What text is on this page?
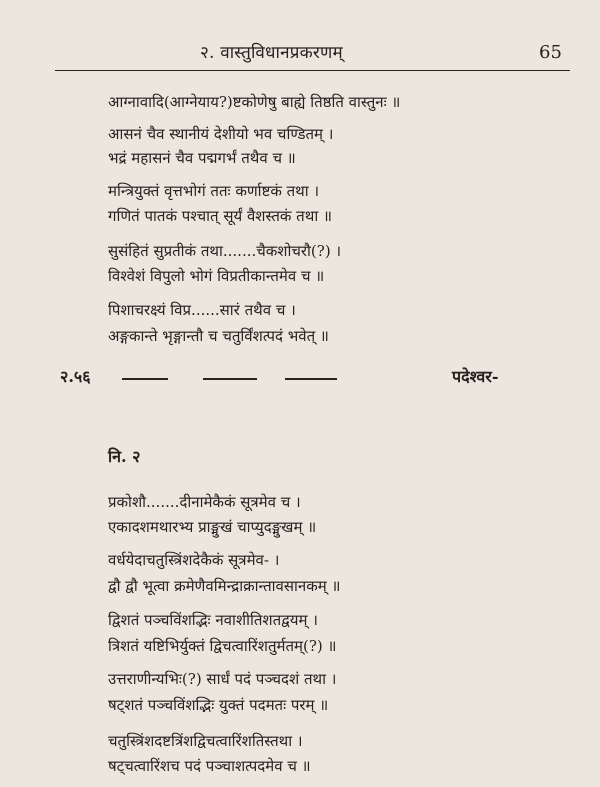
२. वास्तुविधानप्रकरणम्	65
आग्नावादि(आग्नेयाय?)ष्टकोणेषु बाह्ये तिष्ठति वास्तुनः ॥
आसनं चैव स्थानीयं देशीयो भव चण्डितम् ।
भद्रं महासनं चैव पद्मगर्भं तथैव च ॥
मन्त्रियुक्तं वृत्तभोगं ततः कर्णाष्टकं तथा ।
गणितं पातकं पश्चात् सूर्यं वैशस्तकं तथा ॥
सुसंहितं सुप्रतीकं तथा.......चैकशोचरौ(?) ।
विश्वेशं विपुलो भोगं विप्रतीकान्तमेव च ॥
पिशाचरक्ष्यं विप्र......सारं तथैव च ।
अङ्गकान्ते भृङ्गान्तौ च चतुर्विंशत्पदं भवेत् ॥
२.५६	पदेश्वर-
नि. २
प्रकोशौ.......दीनामेकैकं सूत्रमेव च ।
एकादशमथारभ्य प्राङ्मुखं चाप्युदङ्मुखम् ॥
वर्धयेदाचतुस्त्रिंशदेकैकं सूत्रमेव- ।
द्वौ द्वौ भूत्वा क्रमेणैवमिन्द्राक्रान्तावसानकम् ॥
द्विशतं पञ्चविंशद्भिः नवाशीतिशतद्वयम् ।
त्रिशतं यष्टिभिर्युक्तं द्विचत्वारिंशतुर्मतम्(?) ॥
उत्तराणीन्यभिः(?) सार्धं पदं पञ्चदशं तथा ।
षट्शतं पञ्चविंशद्भिः युक्तं पदमतः परम् ॥
चतुस्त्रिंशदष्टत्रिंशद्विचत्वारिंशतिस्तथा ।
षट्चत्वारिंशच पदं पञ्चाशत्पदमेव च ॥
